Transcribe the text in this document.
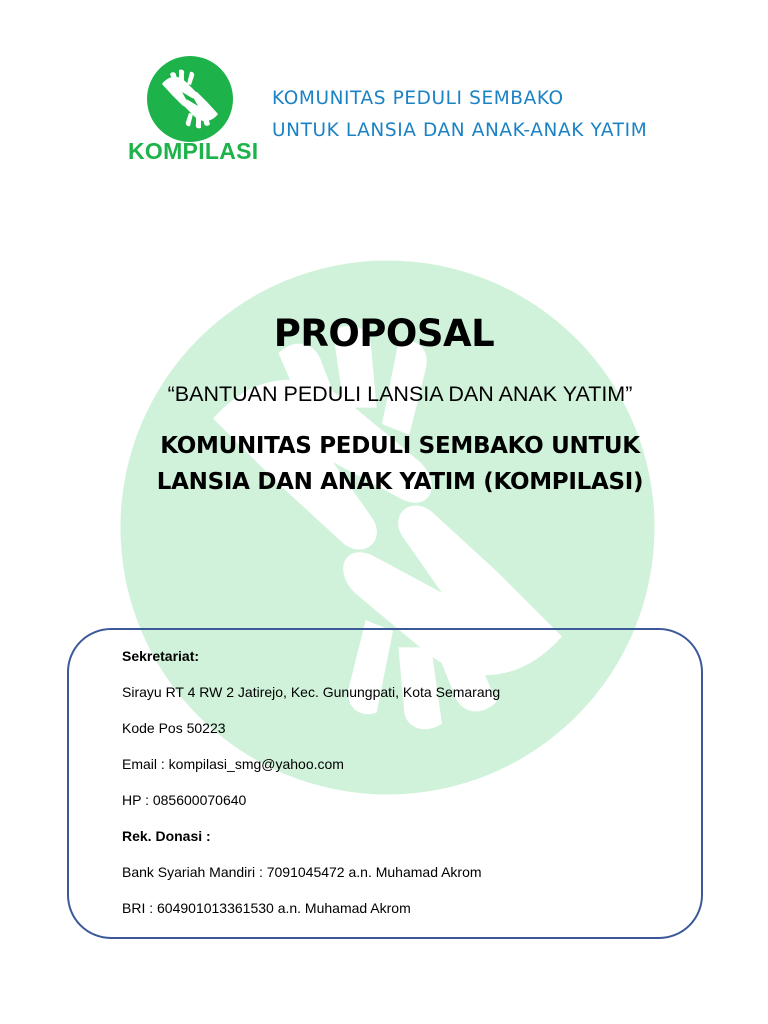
KOMPILASI
KOMUNITAS PEDULI SEMBAKO
UNTUK LANSIA DAN ANAK-ANAK YATIM
PROPOSAL
“BANTUAN PEDULI LANSIA DAN ANAK YATIM”
KOMUNITAS PEDULI SEMBAKO UNTUK
LANSIA DAN ANAK YATIM (KOMPILASI)
Sekretariat:
Sirayu RT 4 RW 2 Jatirejo, Kec. Gunungpati, Kota Semarang
Kode Pos 50223
Email : kompilasi_smg@yahoo.com
HP : 085600070640
Rek. Donasi :
Bank Syariah Mandiri : 7091045472 a.n. Muhamad Akrom
BRI : 604901013361530 a.n. Muhamad Akrom
